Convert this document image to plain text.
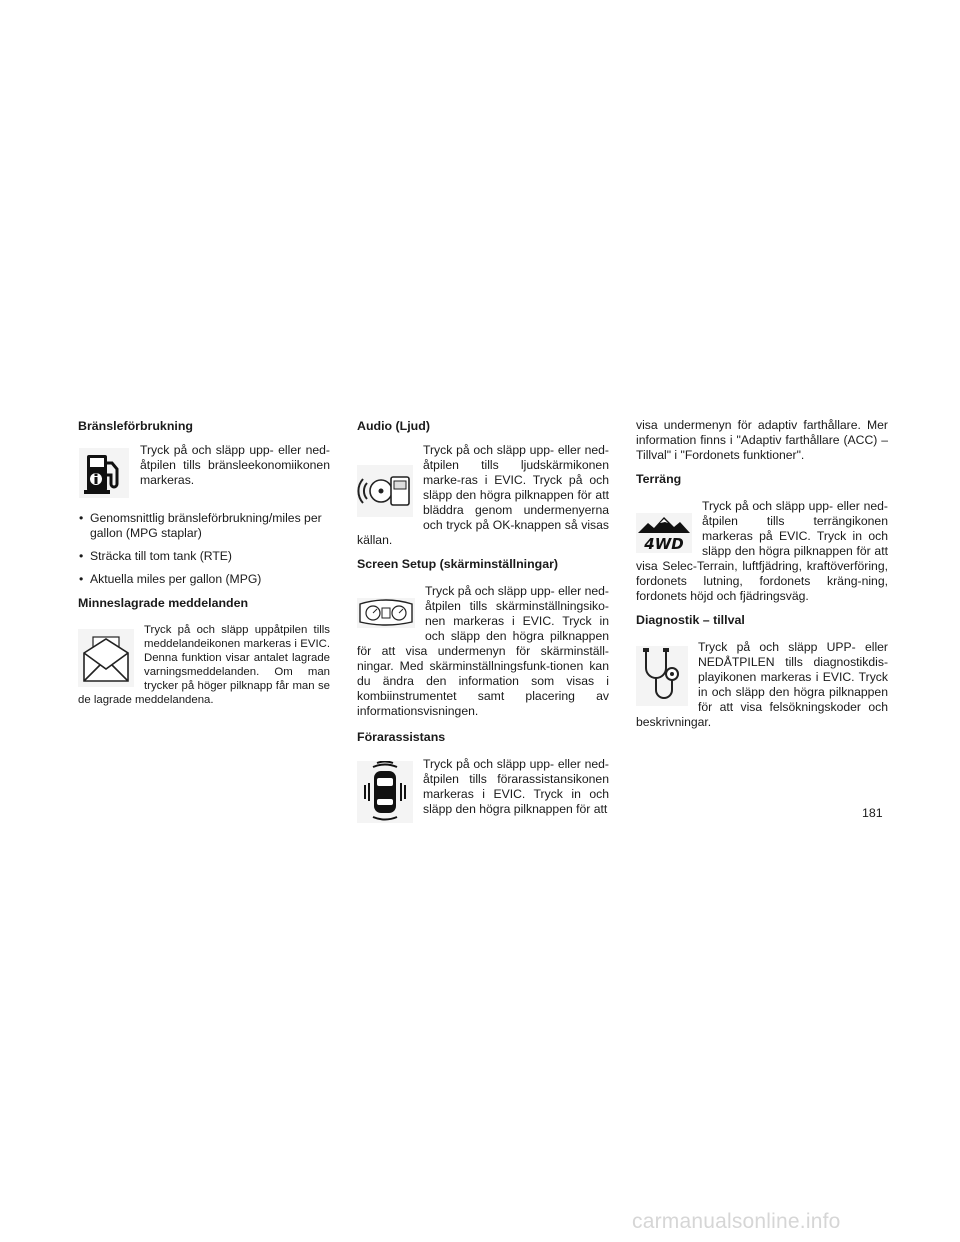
Bränsleförbrukning

Tryck på och släpp upp- eller ned-åtpilen tills bränsleekonomiikonen markeras.

• Genomsnittlig bränsleförbrukning/miles per gallon (MPG staplar)
• Sträcka till tom tank (RTE)
• Aktuella miles per gallon (MPG)
Minneslagrade meddelanden

Tryck på och släpp uppåtpilen tills meddelandeikonen markeras i EVIC. Denna funktion visar antalet lagrade varningsmeddelanden. Om man trycker på höger pilknapp får man se de lagrade meddelandena.

Audio (Ljud)

Tryck på och släpp upp- eller ned-åtpilen tills ljudskärmikonen marke-ras i EVIC. Tryck på och släpp den högra pilknappen för att bläddra genom undermenyerna och tryck på OK-knappen så visas källan.

Screen Setup (skärminställningar)

Tryck på och släpp upp- eller ned-åtpilen tills skärminställningsiko-nen markeras i EVIC. Tryck in och släpp den högra pilknappen för att visa undermenyn för skärminställ-ningar. Med skärminställningsfunk-tionen kan du ändra den information som visas i kombiinstrumentet samt placering av informationsvisningen.

Förarassistans

Tryck på och släpp upp- eller ned-åtpilen tills förarassistansikonen markeras i EVIC. Tryck in och släpp den högra pilknappen för att

visa undermenyn för adaptiv farthållare. Mer information finns i "Adaptiv farthållare (ACC) – Tillval" i "Fordonets funktioner".

Terräng
4WD

Tryck på och släpp upp- eller ned-åtpilen tills terrängikonen markeras på EVIC. Tryck in och släpp den högra pilknappen för att visa Selec-Terrain, luftfjädring, kraftöverföring, fordonets lutning, fordonets kräng-ning, fordonets höjd och fjädringsväg.

Diagnostik – tillval

Tryck på och släpp UPP- eller NEDÅTPILEN tills diagnostikdis-playikonen markeras i EVIC. Tryck in och släpp den högra pilknappen för att visa felsökningskoder och beskrivningar.

181
carmanualsonline.info
